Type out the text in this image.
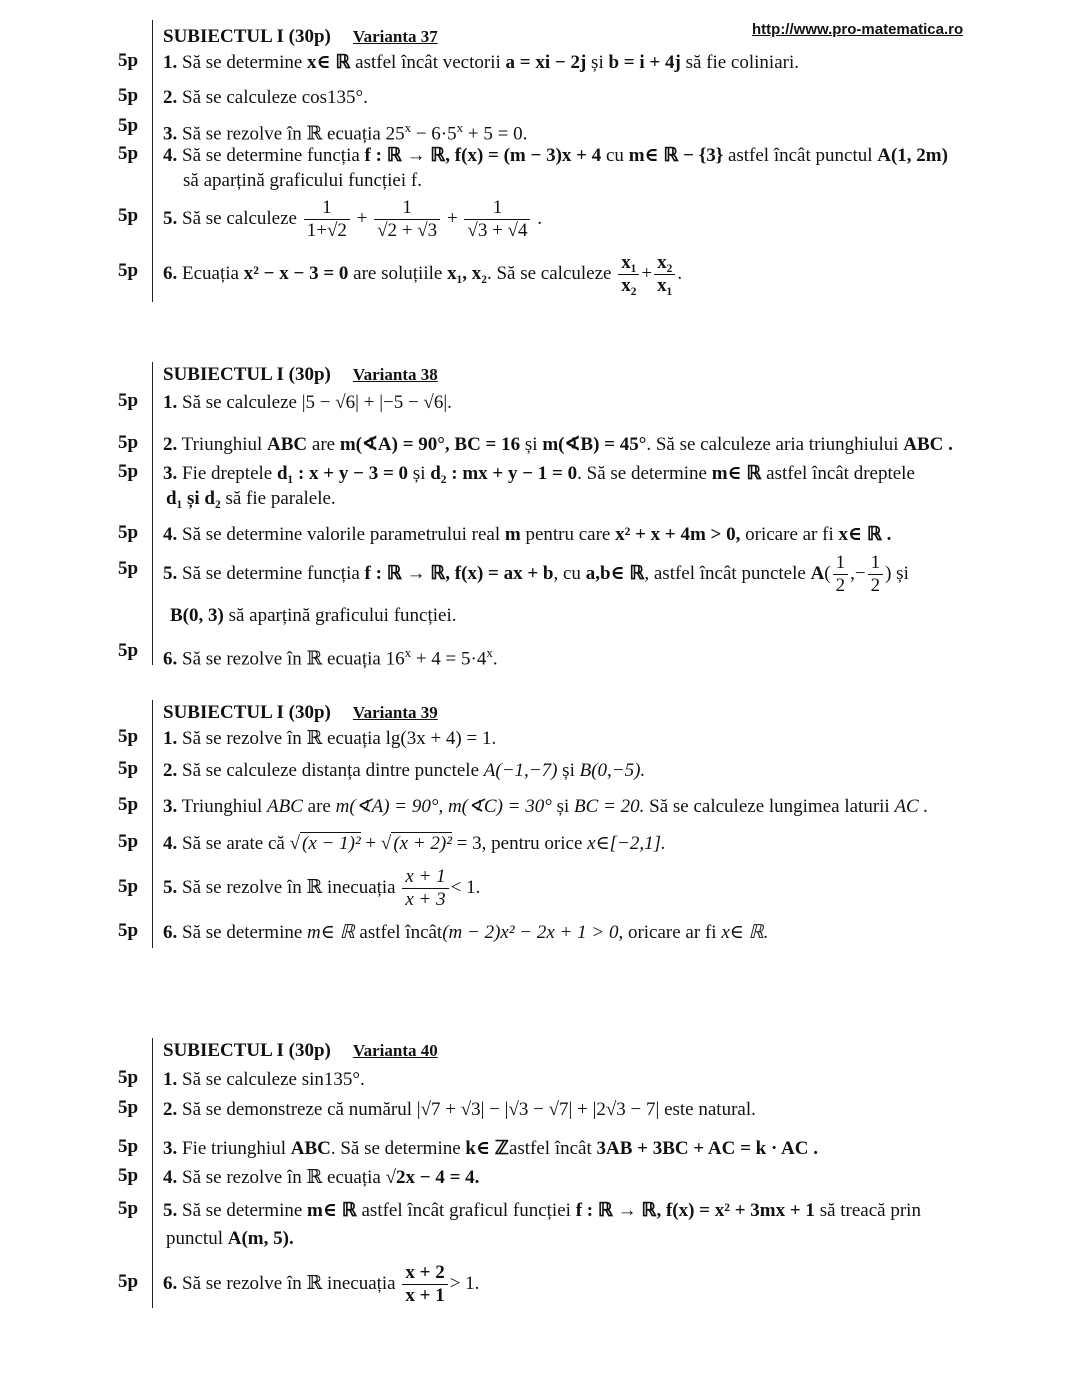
http://www.pro-matematica.ro
SUBIECTUL I (30p) Varianta 37
5p 1. Să se determine x∈ ℝ astfel încât vectorii a = xi − 2j și b = i + 4j să fie coliniari.
5p 2. Să se calculeze cos135°.
5p 3. Să se rezolve în ℝ ecuația $25^x - 6\cdot 5^x + 5 = 0$.
5p 4. Să se determine funcția f : ℝ → ℝ, f(x) = (m − 3)x + 4 cu m∈ ℝ − {3} astfel încât punctul A(1, 2m)
să aparțină graficului funcției f.
5p 5. Să se calculeze $\frac{1}{1+√2} + \frac{1}{√2 + √3} + \frac{1}{√3 + √4}$ .
5p 6. Ecuația x² − x − 3 = 0 are soluțiile x₁, x₂. Să se calculeze $\frac{\text{x₁}}{\text{x₂}} + \frac{\text{x₂}}{\text{x₁}}$ .
SUBIECTUL I (30p) Varianta 38
5p 1. Să se calculeze |5 − √6| + |−5 − √6|.
5p 2. Triunghiul ABC are m(∢A) = 90°, BC = 16 și m(∢B) = 45°. Să se calculeze aria triunghiului ABC .
5p 3. Fie dreptele d₁ : x + y − 3 = 0 și d₂ : mx + y − 1 = 0. Să se determine m∈ ℝ astfel încât dreptele
d₁ și d₂ să fie paralele.
5p 4. Să se determine valorile parametrului real m pentru care x² + x + 4m > 0, oricare ar fi x∈ ℝ .
5p 5. Să se determine funcția f : ℝ → ℝ, f(x) = ax + b, cu a,b∈ ℝ, astfel încât punctele $A( \frac{1}{2}$ ,− $\frac{1}{2}$ ) și
B(0, 3) să aparțină graficului funcției.
5p 6. Să se rezolve în ℝ ecuația $16^x + 4 = 5\cdot 4^x$.
SUBIECTUL I (30p) Varianta 39
5p 1. Să se rezolve în ℝ ecuația lg(3x + 4) = 1.
5p 2. Să se calculeze distanța dintre punctele A(−1,−7) și B(0,−5).
5p 3. Triunghiul ABC are m(∢A) = 90°, m(∢C) = 30° și BC = 20. Să se calculeze lungimea laturii AC .
5p 4. Să se arate că √ (x − 1)² + √ (x + 2)² = 3, pentru orice x∈[−2,1].
5p 5. Să se rezolve în ℝ inecuația $\frac{x + 1}{x + 3} < 1$.
5p 6. Să se determine m∈ ℝ astfel încât(m − 2)x² − 2x + 1 > 0, oricare ar fi x∈ ℝ.
SUBIECTUL I (30p) Varianta 40
5p 1. Să se calculeze sin135°.
5p 2. Să se demonstreze că numărul |√7 + √3| − |√3 − √7| + |2√3 − 7| este natural.
5p 3. Fie triunghiul ABC. Să se determine k∈ ℤastfel încât 3AB + 3BC + AC = k · AC .
5p 4. Să se rezolve în ℝ ecuația √2x − 4 = 4.
5p 5. Să se determine m∈ ℝ astfel încât graficul funcției f : ℝ → ℝ, f(x) = x² + 3mx + 1 să treacă prin
punctul A(m, 5).
5p 6. Să se rezolve în ℝ inecuația $\frac{x + 2}{x + 1} > 1$.
